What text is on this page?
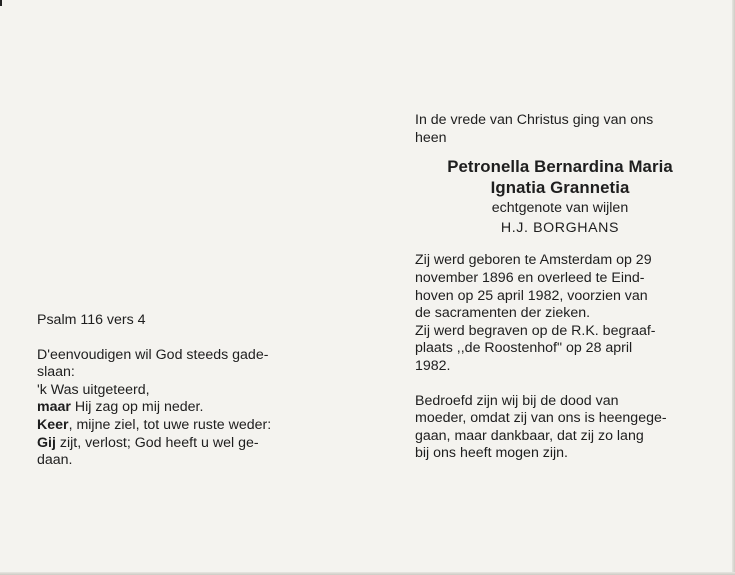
Psalm 116 vers 4

D'eenvoudigen wil God steeds gade-

slaan:

'k Was uitgeteerd,

maar Hij zag op mij neder.

Keer, mijne ziel, tot uwe ruste weder:

Gij zijt, verlost; God heeft u wel ge-

daan.

In de vrede van Christus ging van ons

heen

Petronella Bernardina Maria

Ignatia Grannetia

echtgenote van wijlen

H.J. BORGHANS

Zij werd geboren te Amsterdam op 29

november 1896 en overleed te Eind-

hoven op 25 april 1982, voorzien van

de sacramenten der zieken.

Zij werd begraven op de R.K. begraaf-

plaats ,,de Roostenhof" op 28 april

1982.

Bedroefd zijn wij bij de dood van

moeder, omdat zij van ons is heengege-

gaan, maar dankbaar, dat zij zo lang

bij ons heeft mogen zijn.
